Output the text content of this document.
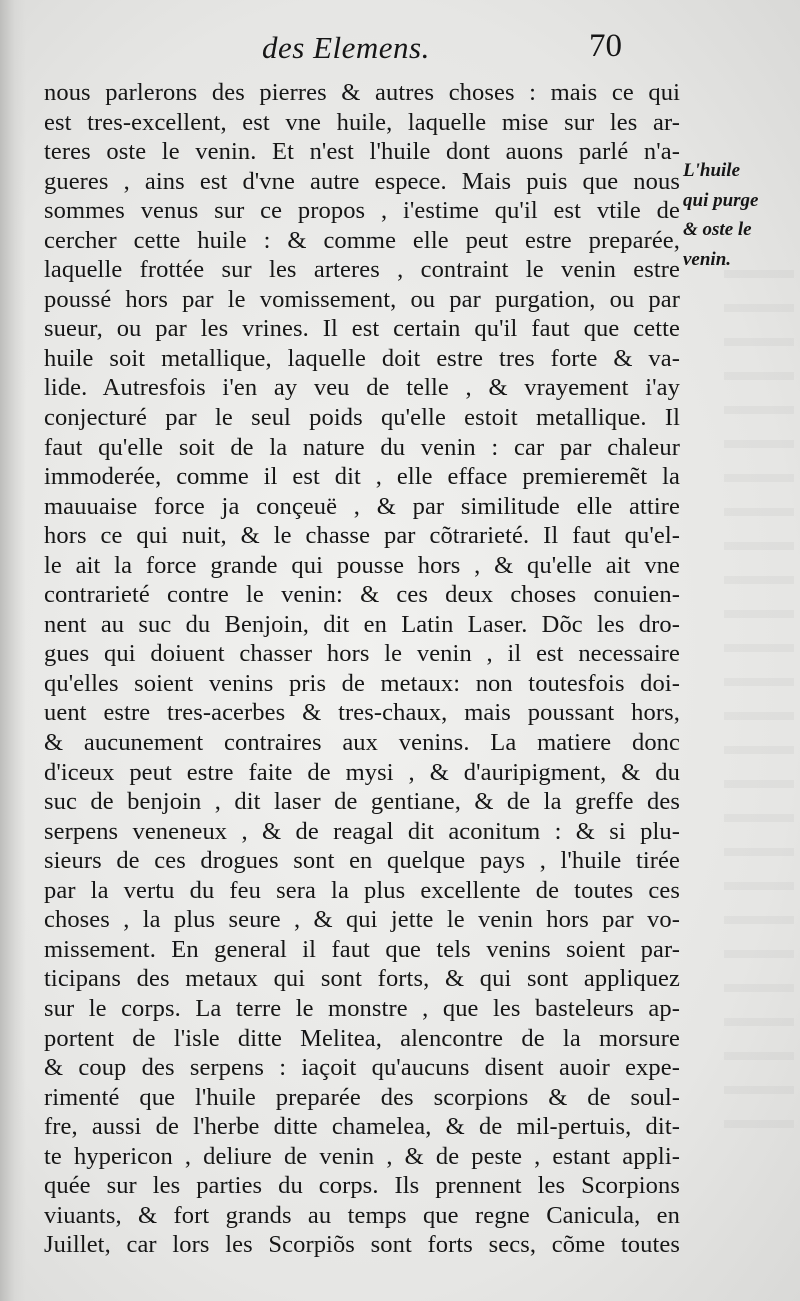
des Elemens.	70
nous parlerons des pierres & autres choses : mais ce qui
est tres-excellent, est vne huile, laquelle mise sur les ar-
teres oste le venin. Et n'est l'huile dont auons parlé n'a-
gueres , ains est d'vne autre espece. Mais puis que nous
sommes venus sur ce propos , i'estime qu'il est vtile de
cercher cette huile : & comme elle peut estre preparée,
laquelle frottée sur les arteres , contraint le venin estre
poussé hors par le vomissement, ou par purgation, ou par
sueur, ou par les vrines. Il est certain qu'il faut que cette
huile soit metallique, laquelle doit estre tres forte & va-
lide. Autresfois i'en ay veu de telle , & vrayement i'ay
conjecturé par le seul poids qu'elle estoit metallique. Il
faut qu'elle soit de la nature du venin : car par chaleur
immoderée, comme il est dit , elle efface premieremẽt la
mauuaise force ja conçeuë , & par similitude elle attire
hors ce qui nuit, & le chasse par cõtrarieté. Il faut qu'el-
le ait la force grande qui pousse hors , & qu'elle ait vne
contrarieté contre le venin: & ces deux choses conuien-
nent au suc du Benjoin, dit en Latin Laser. Dõc les dro-
gues qui doiuent chasser hors le venin , il est necessaire
qu'elles soient venins pris de metaux: non toutesfois doi-
uent estre tres-acerbes & tres-chaux, mais poussant hors,
& aucunement contraires aux venins. La matiere donc
d'iceux peut estre faite de mysi , & d'auripigment, & du
suc de benjoin , dit laser de gentiane, & de la greffe des
serpens veneneux , & de reagal dit aconitum : & si plu-
sieurs de ces drogues sont en quelque pays , l'huile tirée
par la vertu du feu sera la plus excellente de toutes ces
choses , la plus seure , & qui jette le venin hors par vo-
missement. En general il faut que tels venins soient par-
ticipans des metaux qui sont forts, & qui sont appliquez
sur le corps. La terre le monstre , que les basteleurs ap-
portent de l'isle ditte Melitea, alencontre de la morsure
& coup des serpens : iaçoit qu'aucuns disent auoir expe-
rimenté que l'huile preparée des scorpions & de soul-
fre, aussi de l'herbe ditte chamelea, & de mil-pertuis, dit-
te hypericon , deliure de venin , & de peste , estant appli-
quée sur les parties du corps. Ils prennent les Scorpions
viuants, & fort grands au temps que regne Canicula, en
Juillet, car lors les Scorpiõs sont forts secs, cõme toutes
L'huile
qui purge
& oste le
venin.
